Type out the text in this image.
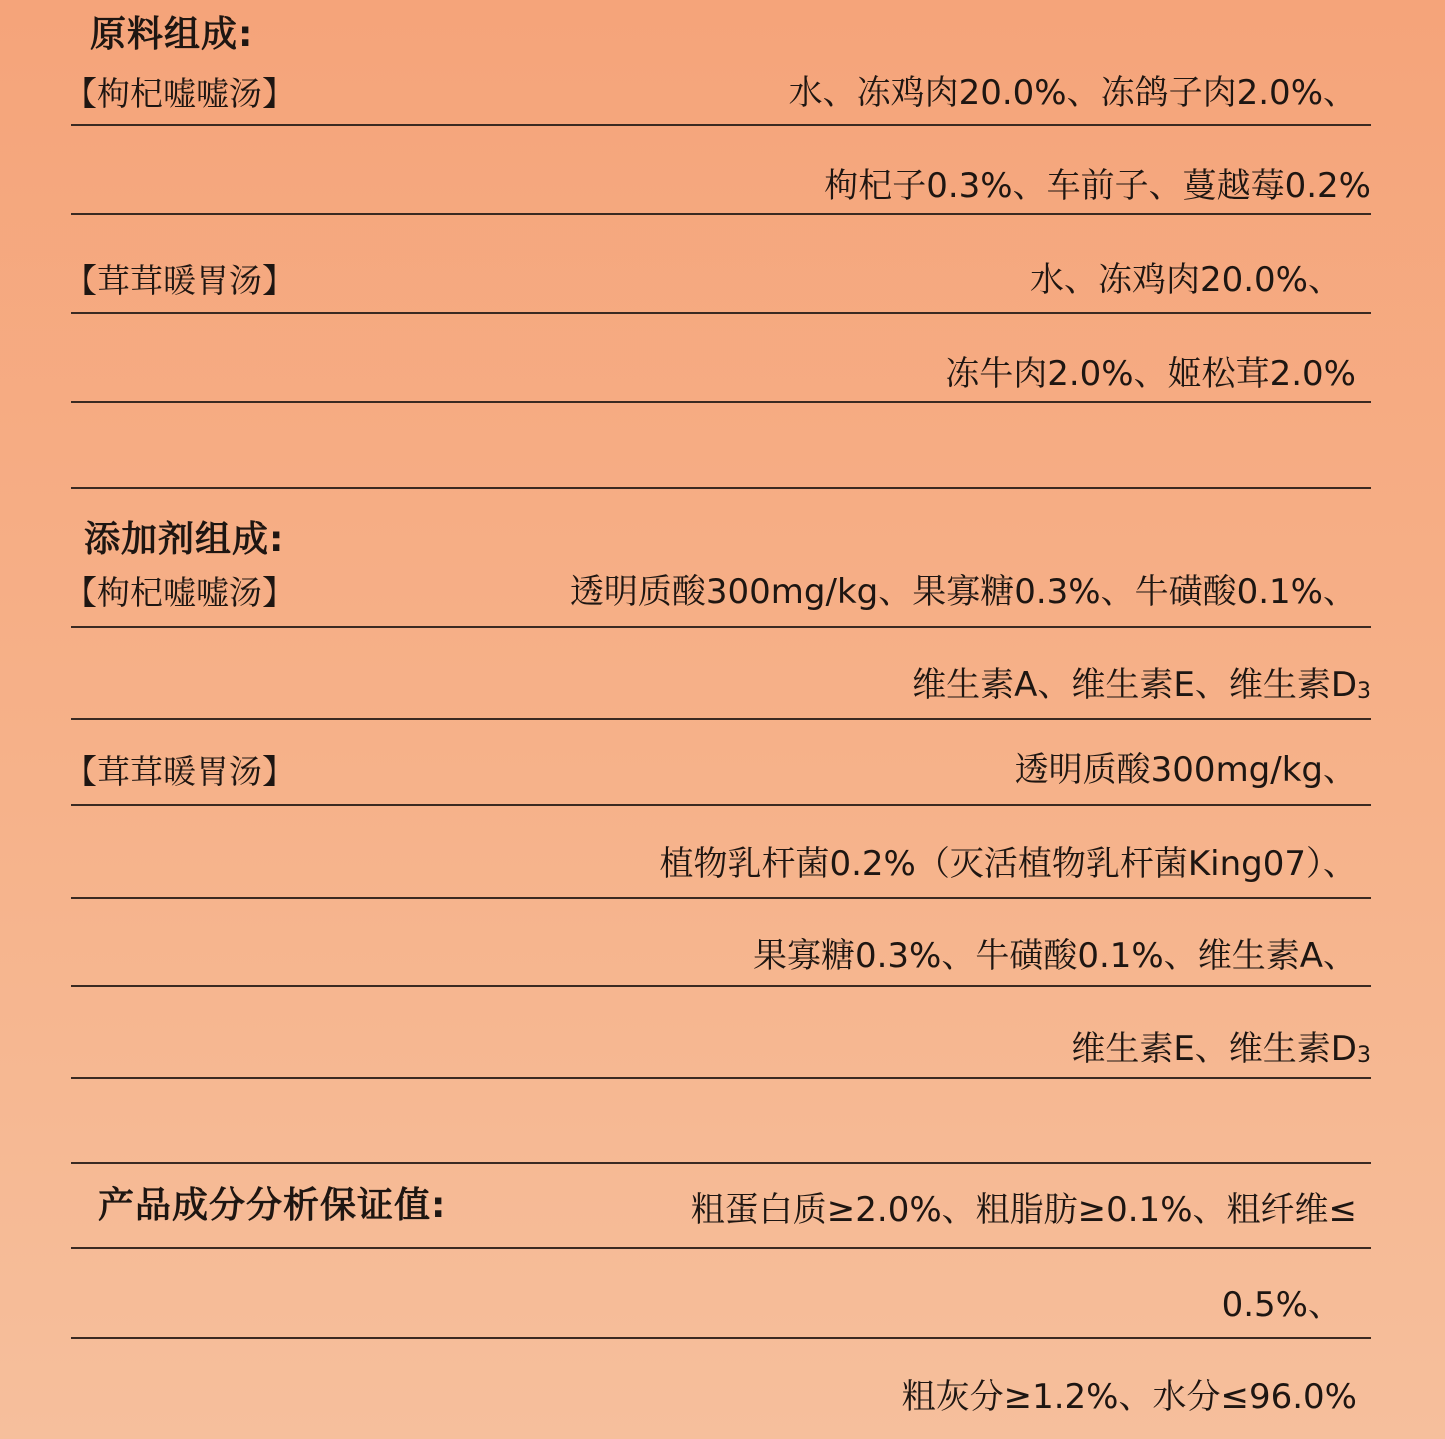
原料组成:
【枸杞嘘嘘汤】	水、冻鸡肉20.0%、冻鸽子肉2.0%、
枸杞子0.3%、车前子、蔓越莓0.2%
【茸茸暖胃汤】	水、冻鸡肉20.0%、
冻牛肉2.0%、姬松茸2.0%
添加剂组成:
【枸杞嘘嘘汤】	透明质酸300mg/kg、果寡糖0.3%、牛磺酸0.1%、
维生素A、维生素E、维生素$D_3$
【茸茸暖胃汤】	透明质酸300mg/kg、
植物乳杆菌0.2%（灭活植物乳杆菌King07）、
果寡糖0.3%、牛磺酸0.1%、维生素A、
维生素E、维生素$D_3$
产品成分分析保证值:	粗蛋白质≥2.0%、粗脂肪≥0.1%、粗纤维≤
0.5%、
粗灰分≥1.2%、水分≤96.0%
